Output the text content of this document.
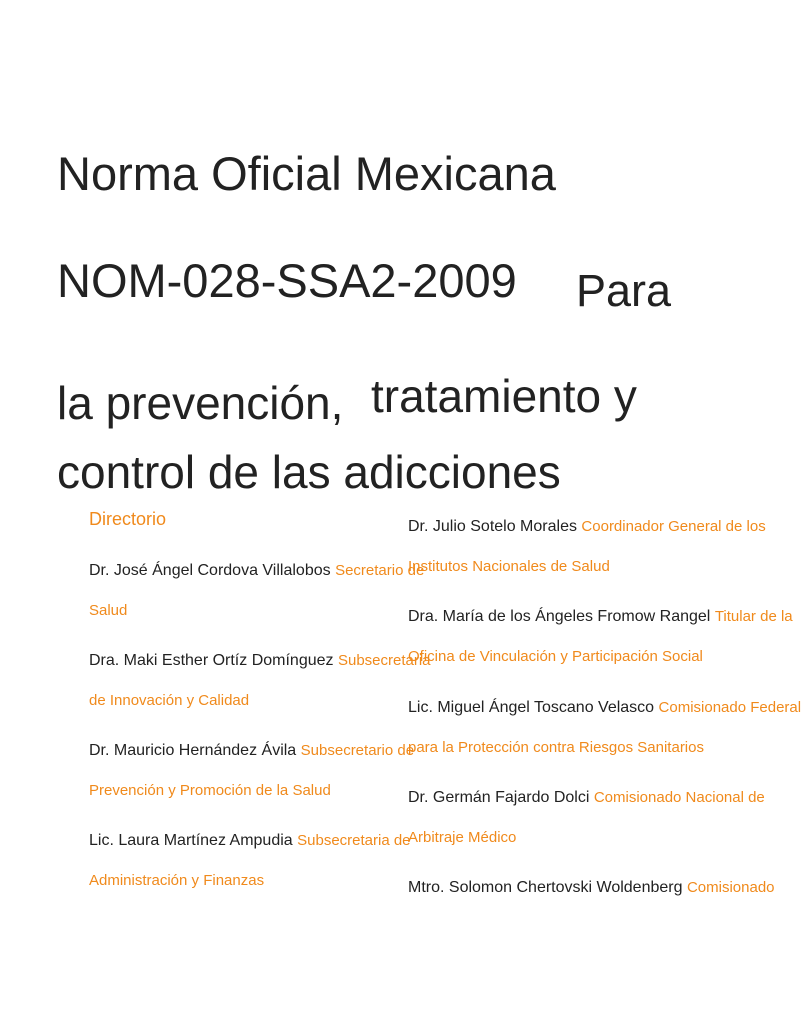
Norma Oficial Mexicana
NOM-028-SSA2-2009 Para
la prevención, tratamiento y
control de las adicciones
Directorio
Dr. José Ángel Cordova Villalobos Secretario de Salud
Dra. Maki Esther Ortíz Domínguez Subsecretaria de Innovación y Calidad
Dr. Mauricio Hernández Ávila Subsecretario de Prevención y Promoción de la Salud
Lic. Laura Martínez Ampudia Subsecretaria de Administración y Finanzas
Dr. Julio Sotelo Morales Coordinador General de los Institutos Nacionales de Salud
Dra. María de los Ángeles Fromow Rangel Titular de la Oficina de Vinculación y Participación Social
Lic. Miguel Ángel Toscano Velasco Comisionado Federal para la Protección contra Riesgos Sanitarios
Dr. Germán Fajardo Dolci Comisionado Nacional de Arbitraje Médico
Mtro. Solomon Chertovski Woldenberg Comisionado
